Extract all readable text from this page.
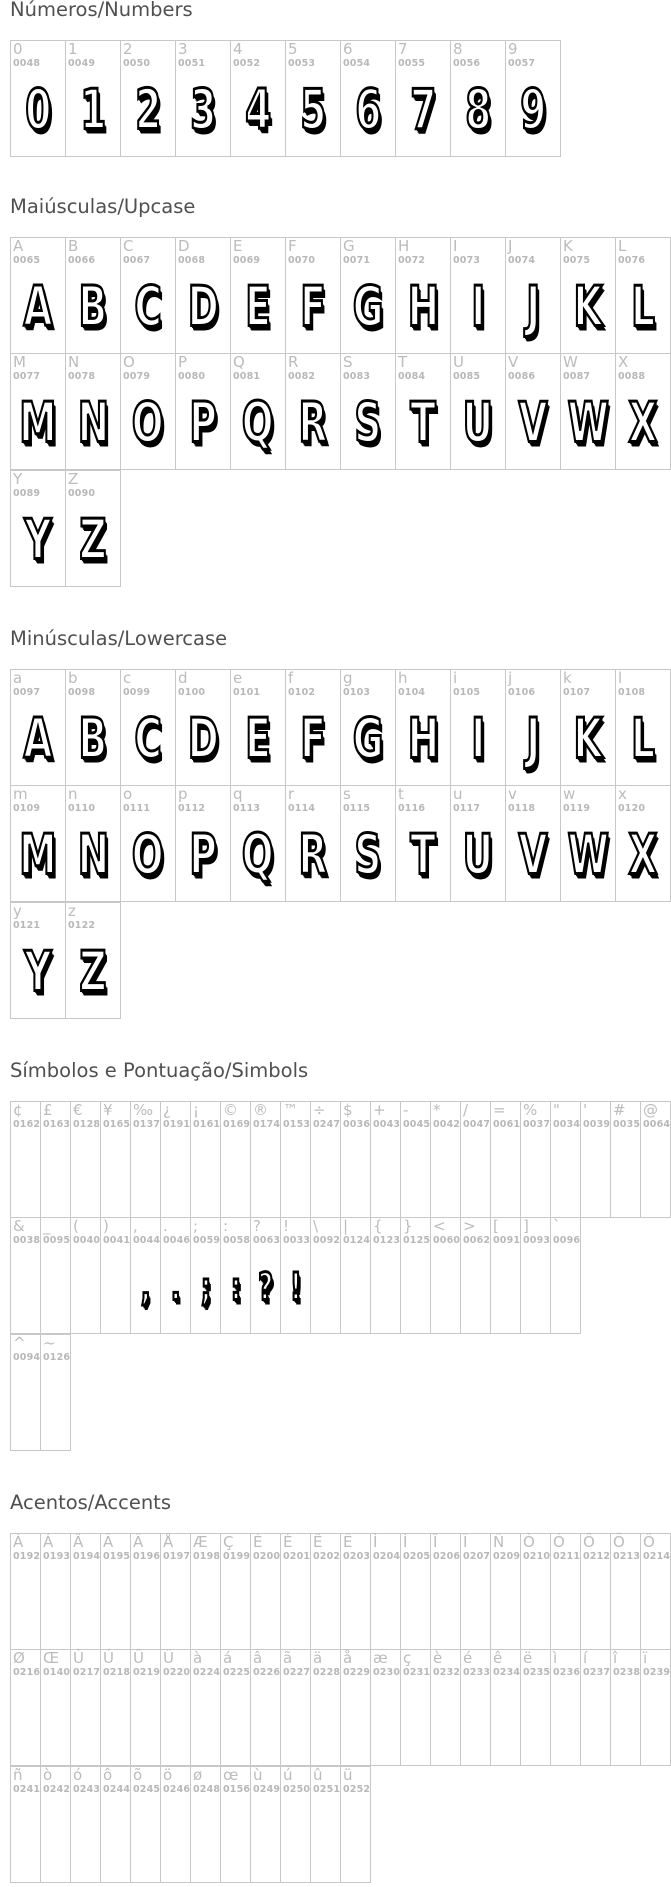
Números/Numbers
0
0048
0
1
0049
1
2
0050
2
3
0051
3
4
0052
4
5
0053
5
6
0054
6
7
0055
7
8
0056
8
9
0057
9
Maiúsculas/Upcase
A
0065
A
B
0066
B
C
0067
C
D
0068
D
E
0069
E
F
0070
F
G
0071
G
H
0072
H
I
0073
I
J
0074
J
K
0075
K
L
0076
L
M
0077
M
N
0078
N
O
0079
O
P
0080
P
Q
0081
Q
R
0082
R
S
0083
S
T
0084
T
U
0085
U
V
0086
V
W
0087
W
X
0088
X
Y
0089
Y
Z
0090
Z
Minúsculas/Lowercase
a
0097
A
b
0098
B
c
0099
C
d
0100
D
e
0101
E
f
0102
F
g
0103
G
h
0104
H
i
0105
I
j
0106
J
k
0107
K
l
0108
L
m
0109
M
n
0110
N
o
0111
O
p
0112
P
q
0113
Q
r
0114
R
s
0115
S
t
0116
T
u
0117
U
v
0118
V
w
0119
W
x
0120
X
y
0121
Y
z
0122
Z
Símbolos e Pontuação/Simbols
¢
0162
£
0163
€
0128
¥
0165
‰
0137
¿
0191
¡
0161
©
0169
®
0174
™
0153
÷
0247
$
0036
+
0043
-
0045
*
0042
/
0047
=
0061
%
0037
"
0034
'
0039
#
0035
@
0064
&
0038
_
0095
(
0040
)
0041
,
0044
,
.
0046
.
;
0059
;
:
0058
:
?
0063
?
!
0033
!
\
0092
|
0124
{
0123
}
0125
<
0060
>
0062
[
0091
]
0093
`
0096
^
0094
~
0126
Acentos/Accents
À
0192
Á
0193
Â
0194
Ã
0195
Ä
0196
Å
0197
Æ
0198
Ç
0199
È
0200
É
0201
Ê
0202
Ë
0203
Ì
0204
Í
0205
Î
0206
Ï
0207
Ñ
0209
Ò
0210
Ó
0211
Ô
0212
Õ
0213
Ö
0214
Ø
0216
Œ
0140
Ù
0217
Ú
0218
Û
0219
Ü
0220
à
0224
á
0225
â
0226
ã
0227
ä
0228
å
0229
æ
0230
ç
0231
è
0232
é
0233
ê
0234
ë
0235
ì
0236
í
0237
î
0238
ï
0239
ñ
0241
ò
0242
ó
0243
ô
0244
õ
0245
ö
0246
ø
0248
œ
0156
ù
0249
ú
0250
û
0251
ü
0252
